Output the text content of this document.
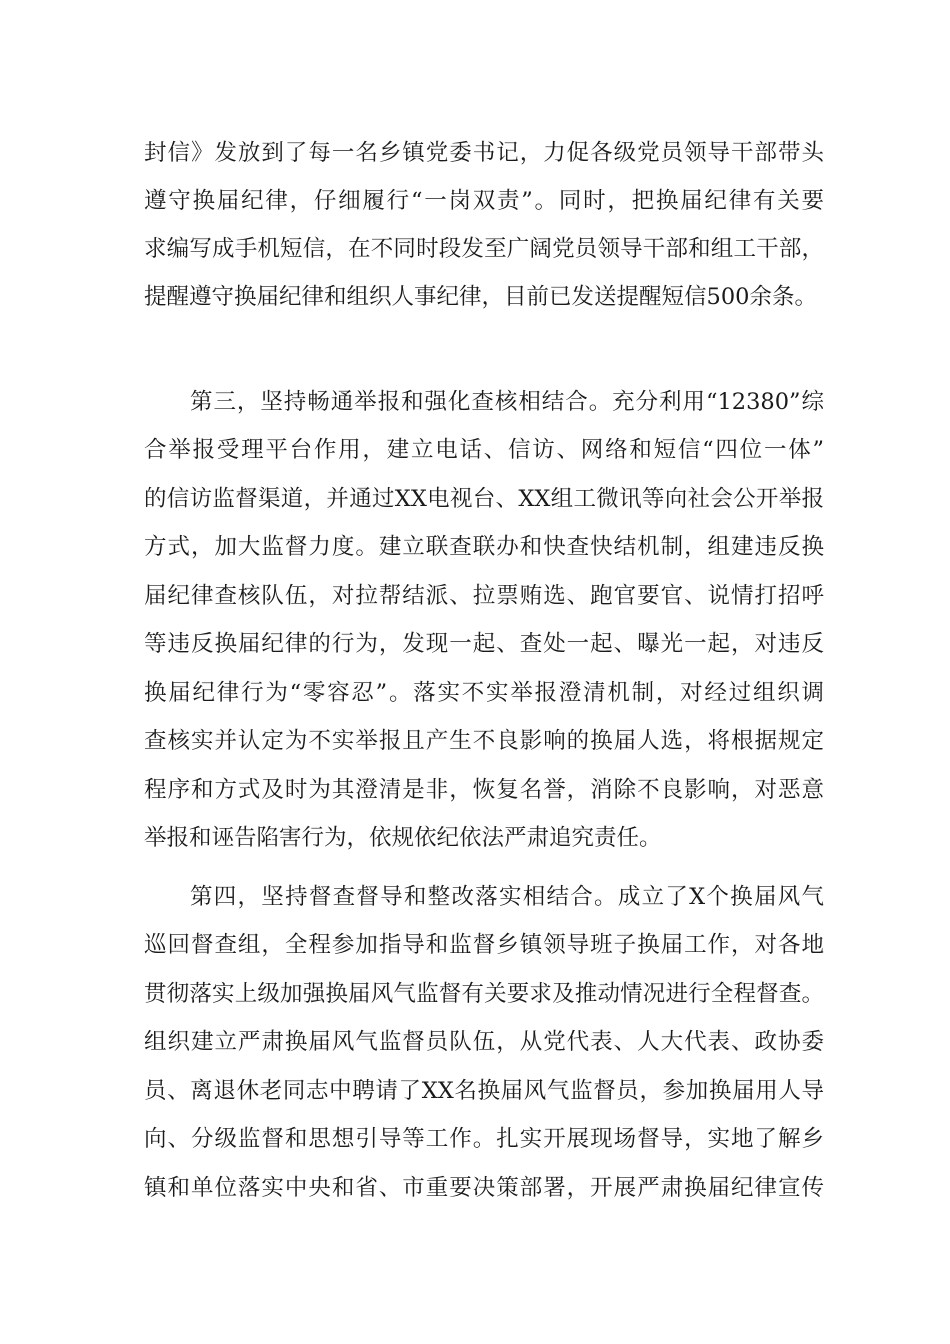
封信》发放到了每一名乡镇党委书记，力促各级党员领导干部带头
遵守换届纪律，仔细履行“一岗双责”。同时，把换届纪律有关要
求编写成手机短信，在不同时段发至广阔党员领导干部和组工干部，
提醒遵守换届纪律和组织人事纪律，目前已发送提醒短信500余条。
第三，坚持畅通举报和强化查核相结合。充分利用“12380”综
合举报受理平台作用，建立电话、信访、网络和短信“四位一体”
的信访监督渠道，并通过XX电视台、XX组工微讯等向社会公开举报
方式，加大监督力度。建立联查联办和快查快结机制，组建违反换
届纪律查核队伍，对拉帮结派、拉票贿选、跑官要官、说情打招呼
等违反换届纪律的行为，发现一起、查处一起、曝光一起，对违反
换届纪律行为“零容忍”。落实不实举报澄清机制，对经过组织调
查核实并认定为不实举报且产生不良影响的换届人选，将根据规定
程序和方式及时为其澄清是非，恢复名誉，消除不良影响，对恶意
举报和诬告陷害行为，依规依纪依法严肃追究责任。
第四，坚持督查督导和整改落实相结合。成立了X个换届风气
巡回督查组，全程参加指导和监督乡镇领导班子换届工作，对各地
贯彻落实上级加强换届风气监督有关要求及推动情况进行全程督查。
组织建立严肃换届风气监督员队伍，从党代表、人大代表、政协委
员、离退休老同志中聘请了XX名换届风气监督员，参加换届用人导
向、分级监督和思想引导等工作。扎实开展现场督导，实地了解乡
镇和单位落实中央和省、市重要决策部署，开展严肃换届纪律宣传
